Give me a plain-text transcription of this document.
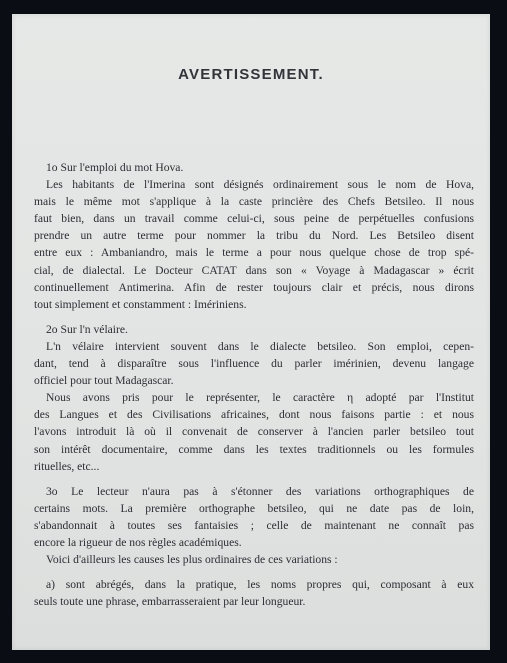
AVERTISSEMENT.
1o Sur l'emploi du mot Hova.
Les habitants de l'Imerina sont désignés ordinairement sous le nom de Hova,
mais le même mot s'applique à la caste princière des Chefs Betsileo. Il nous
faut bien, dans un travail comme celui-ci, sous peine de perpétuelles confusions
prendre un autre terme pour nommer la tribu du Nord. Les Betsileo disent
entre eux : Ambaniandro, mais le terme a pour nous quelque chose de trop spé-
cial, de dialectal. Le Docteur CATAT dans son « Voyage à Madagascar » écrit
continuellement Antimerina. Afin de rester toujours clair et précis, nous dirons
tout simplement et constamment : Imériniens.
2o Sur l'n vélaire.
L'n vélaire intervient souvent dans le dialecte betsileo. Son emploi, cepen-
dant, tend à disparaître sous l'influence du parler imérinien, devenu langage
officiel pour tout Madagascar.
Nous avons pris pour le représenter, le caractère η adopté par l'Institut
des Langues et des Civilisations africaines, dont nous faisons partie : et nous
l'avons introduit là où il convenait de conserver à l'ancien parler betsileo tout
son intérêt documentaire, comme dans les textes traditionnels ou les formules
rituelles, etc...
3o Le lecteur n'aura pas à s'étonner des variations orthographiques de
certains mots. La première orthographe betsileo, qui ne date pas de loin,
s'abandonnait à toutes ses fantaisies ; celle de maintenant ne connaît pas
encore la rigueur de nos règles académiques.
Voici d'ailleurs les causes les plus ordinaires de ces variations :
a) sont abrégés, dans la pratique, les noms propres qui, composant à eux
seuls toute une phrase, embarrasseraient par leur longueur.
